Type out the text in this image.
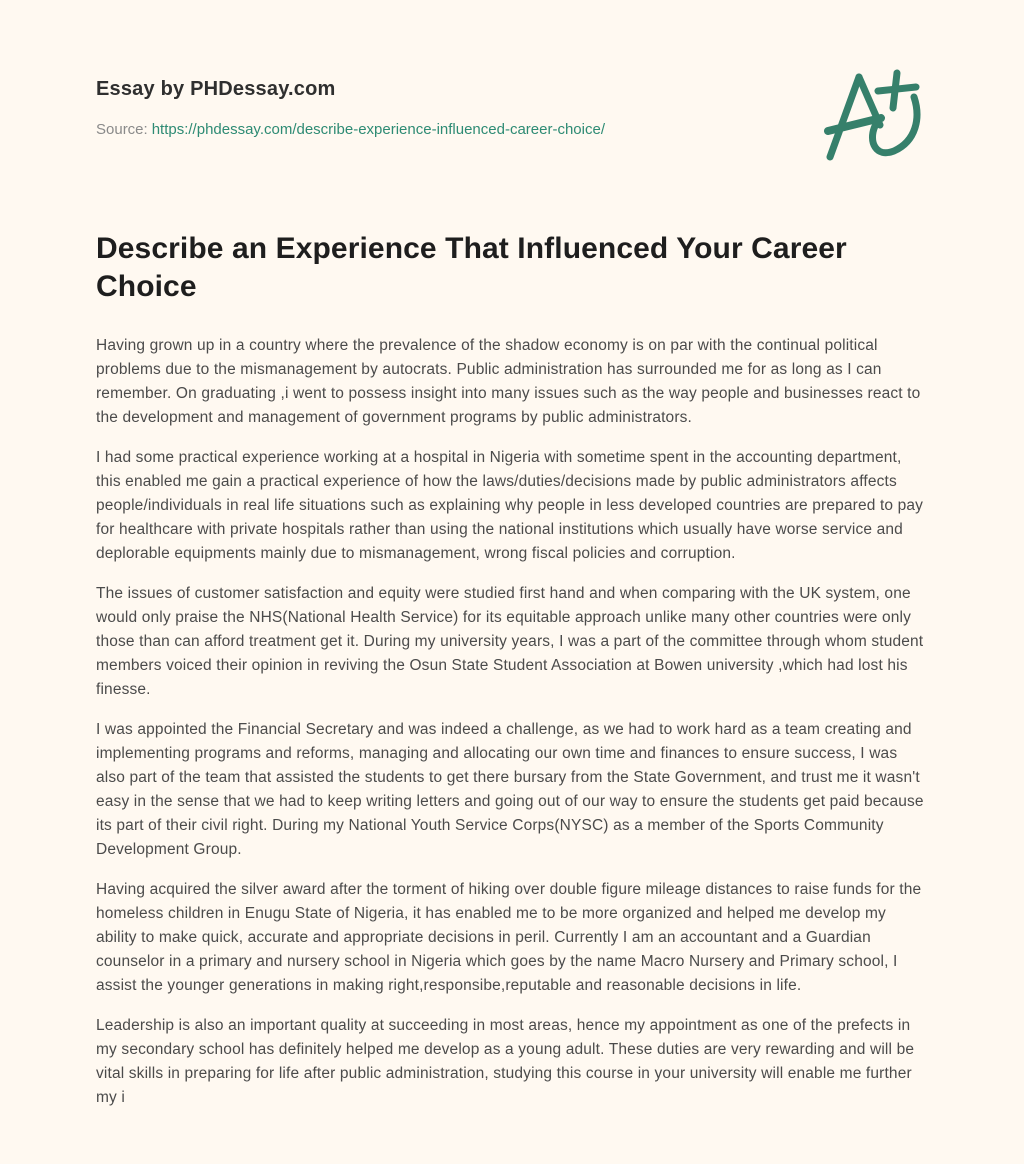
Essay by PHDessay.com
Source: https://phdessay.com/describe-experience-influenced-career-choice/
Describe an Experience That Influenced Your Career Choice

Having grown up in a country where the prevalence of the shadow economy is on par with the continual political problems due to the mismanagement by autocrats. Public administration has surrounded me for as long as I can remember. On graduating ,i went to possess insight into many issues such as the way people and businesses react to the development and management of government programs by public administrators.

I had some practical experience working at a hospital in Nigeria with sometime spent in the accounting department, this enabled me gain a practical experience of how the laws/duties/decisions made by public administrators affects people/individuals in real life situations such as explaining why people in less developed countries are prepared to pay for healthcare with private hospitals rather than using the national institutions which usually have worse service and deplorable equipments mainly due to mismanagement, wrong fiscal policies and corruption.

The issues of customer satisfaction and equity were studied first hand and when comparing with the UK system, one would only praise the NHS(National Health Service) for its equitable approach unlike many other countries were only those than can afford treatment get it. During my university years, I was a part of the committee through whom student members voiced their opinion in reviving the Osun State Student Association at Bowen university ,which had lost his finesse.

I was appointed the Financial Secretary and was indeed a challenge, as we had to work hard as a team creating and implementing programs and reforms, managing and allocating our own time and finances to ensure success, I was also part of the team that assisted the students to get there bursary from the State Government, and trust me it wasn't easy in the sense that we had to keep writing letters and going out of our way to ensure the students get paid because its part of their civil right. During my National Youth Service Corps(NYSC) as a member of the Sports Community Development Group.

Having acquired the silver award after the torment of hiking over double figure mileage distances to raise funds for the homeless children in Enugu State of Nigeria, it has enabled me to be more organized and helped me develop my ability to make quick, accurate and appropriate decisions in peril. Currently I am an accountant and a Guardian counselor in a primary and nursery school in Nigeria which goes by the name Macro Nursery and Primary school, I assist the younger generations in making right,responsibe,reputable and reasonable decisions in life.

Leadership is also an important quality at succeeding in most areas, hence my appointment as one of the prefects in my secondary school has definitely helped me develop as a young adult. These duties are very rewarding and will be vital skills in preparing for life after public administration, studying this course in your university will enable me further my i
